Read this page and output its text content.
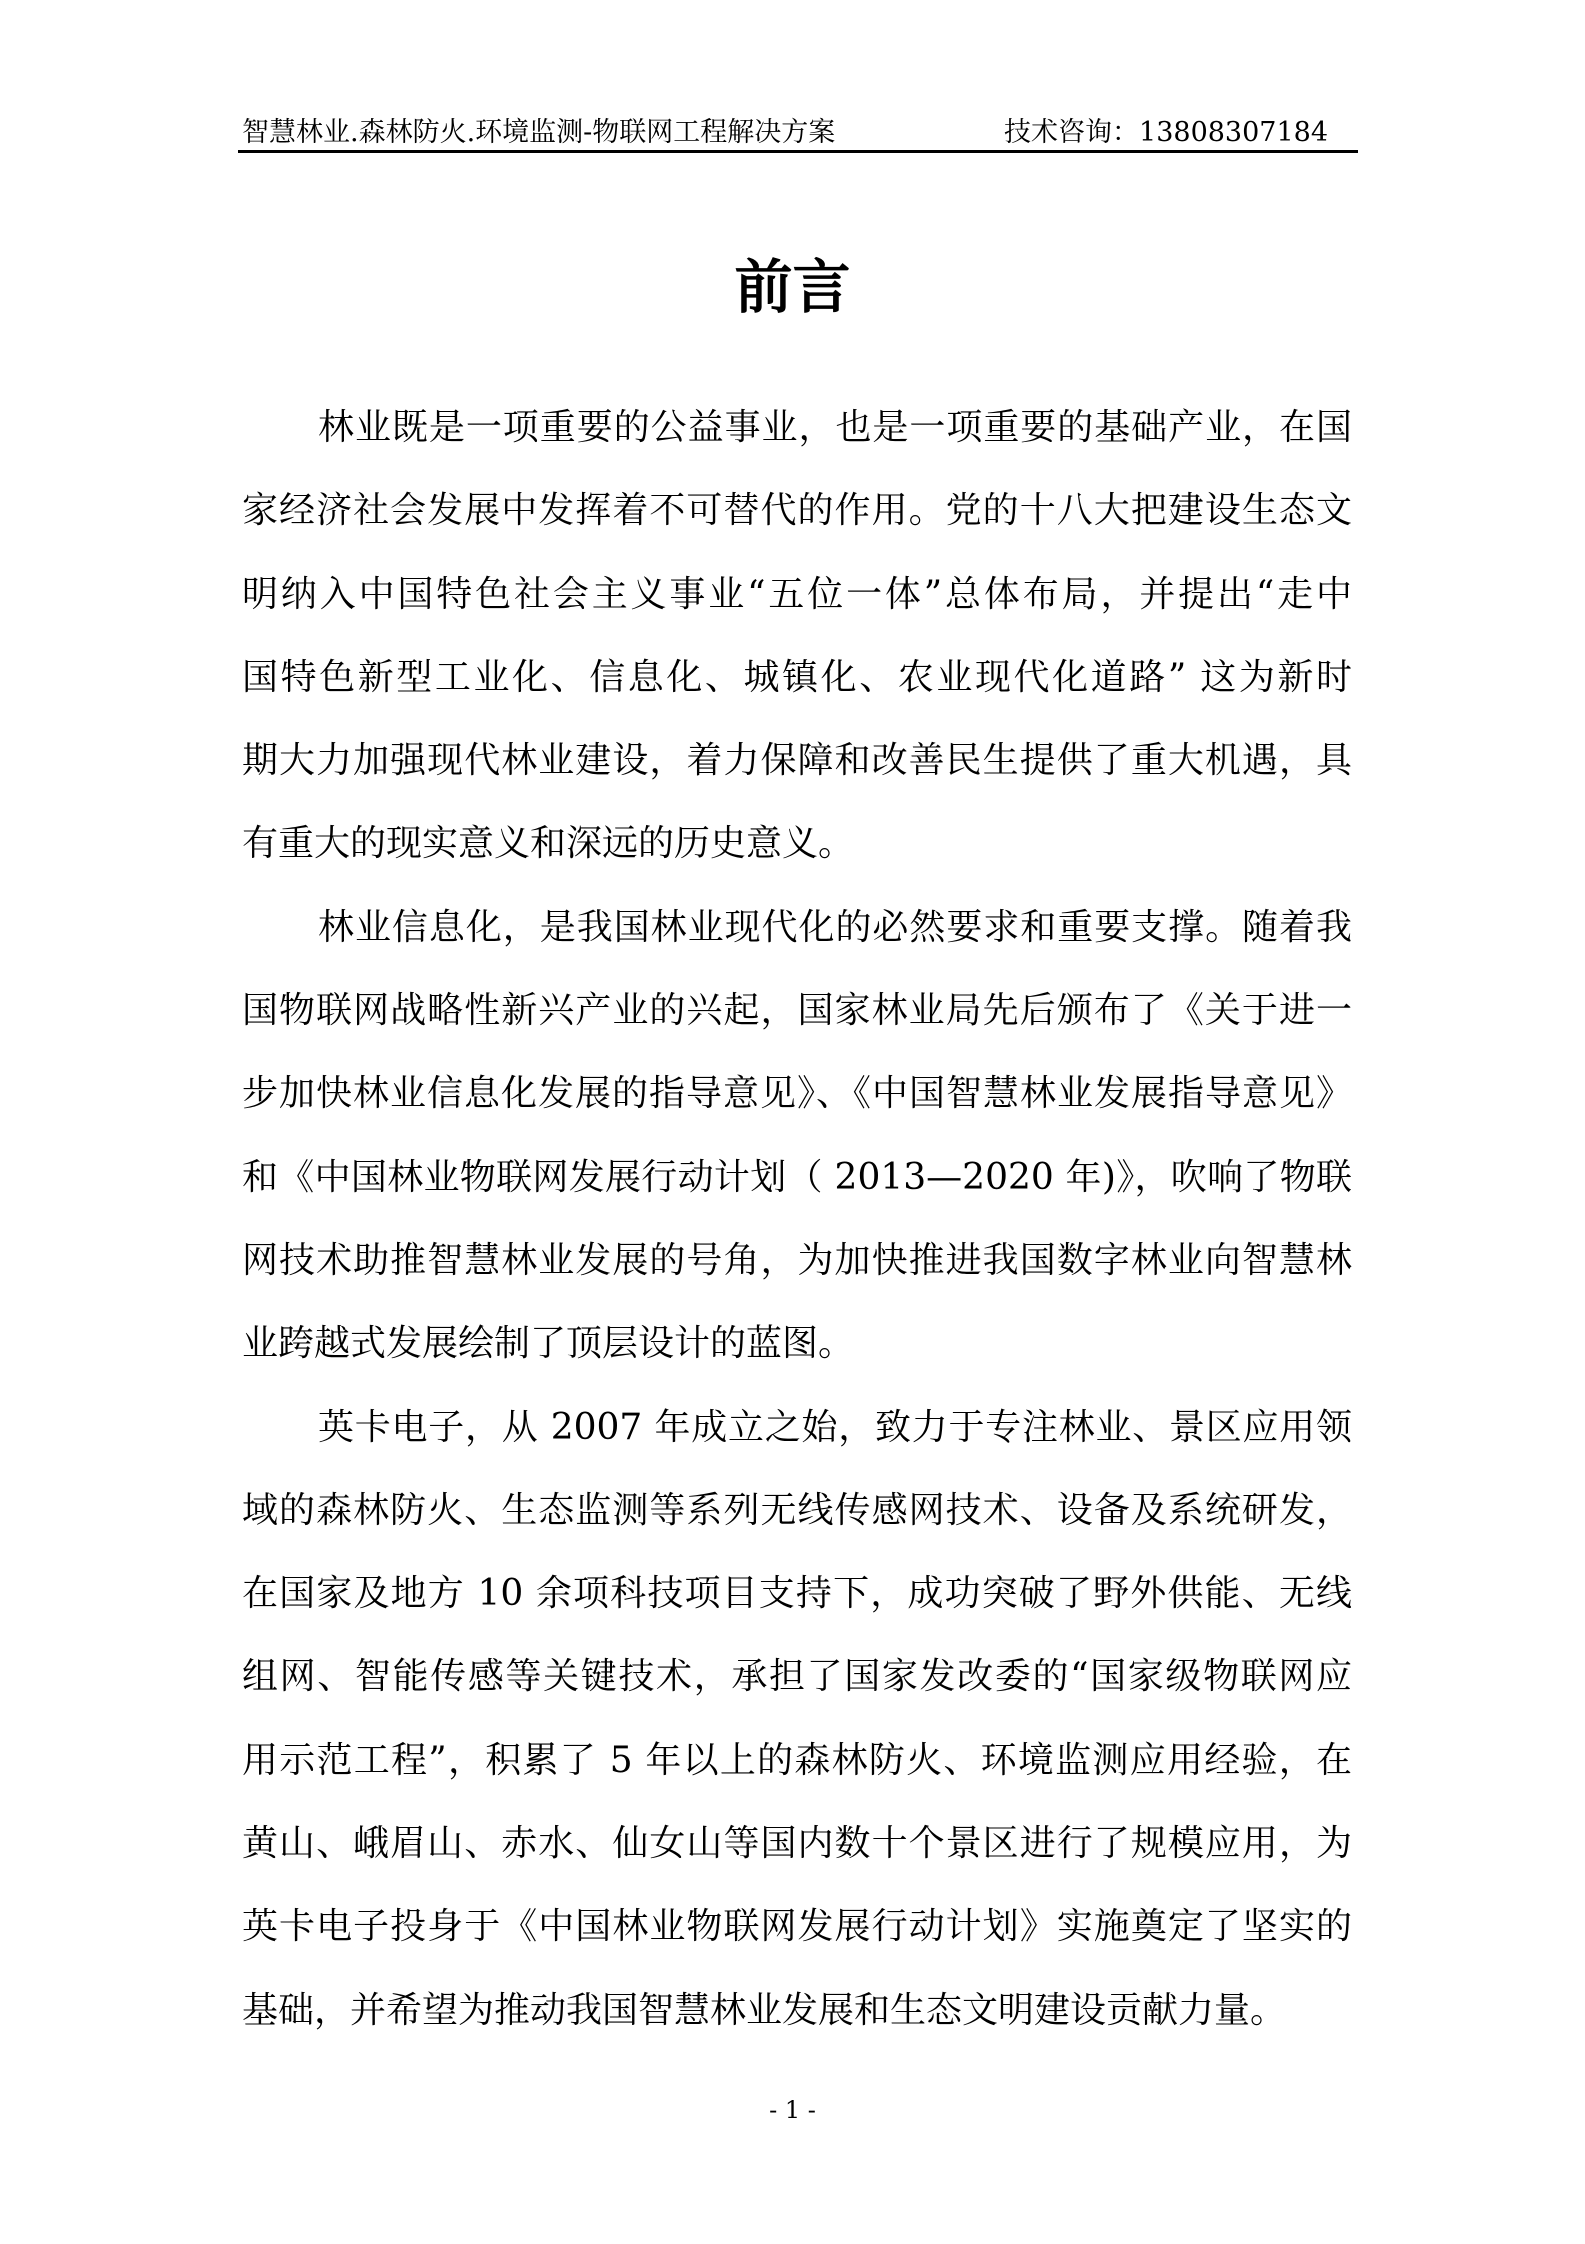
智慧林业.森林防火.环境监测-物联网工程解决方案	技术咨询：13808307184
前言
林业既是一项重要的公益事业，也是一项重要的基础产业，在国
家经济社会发展中发挥着不可替代的作用。党的十八大把建设生态文
明纳入中国特色社会主义事业“五位一体”总体布局，并提出“走中
国特色新型工业化、信息化、城镇化、农业现代化道路” 这为新时
期大力加强现代林业建设，着力保障和改善民生提供了重大机遇，具
有重大的现实意义和深远的历史意义。
林业信息化，是我国林业现代化的必然要求和重要支撑。随着我
国物联网战略性新兴产业的兴起，国家林业局先后颁布了《关于进一
步加快林业信息化发展的指导意见》、《中国智慧林业发展指导意见》
和《中国林业物联网发展行动计划（ 2013—2020 年)》，吹响了物联
网技术助推智慧林业发展的号角，为加快推进我国数字林业向智慧林
业跨越式发展绘制了顶层设计的蓝图。
英卡电子，从 2007 年成立之始，致力于专注林业、景区应用领
域的森林防火、生态监测等系列无线传感网技术、设备及系统研发，
在国家及地方 10 余项科技项目支持下，成功突破了野外供能、无线
组网、智能传感等关键技术，承担了国家发改委的“国家级物联网应
用示范工程”，积累了 5 年以上的森林防火、环境监测应用经验，在
黄山、峨眉山、赤水、仙女山等国内数十个景区进行了规模应用，为
英卡电子投身于《中国林业物联网发展行动计划》实施奠定了坚实的
基础，并希望为推动我国智慧林业发展和生态文明建设贡献力量。
- 1 -
